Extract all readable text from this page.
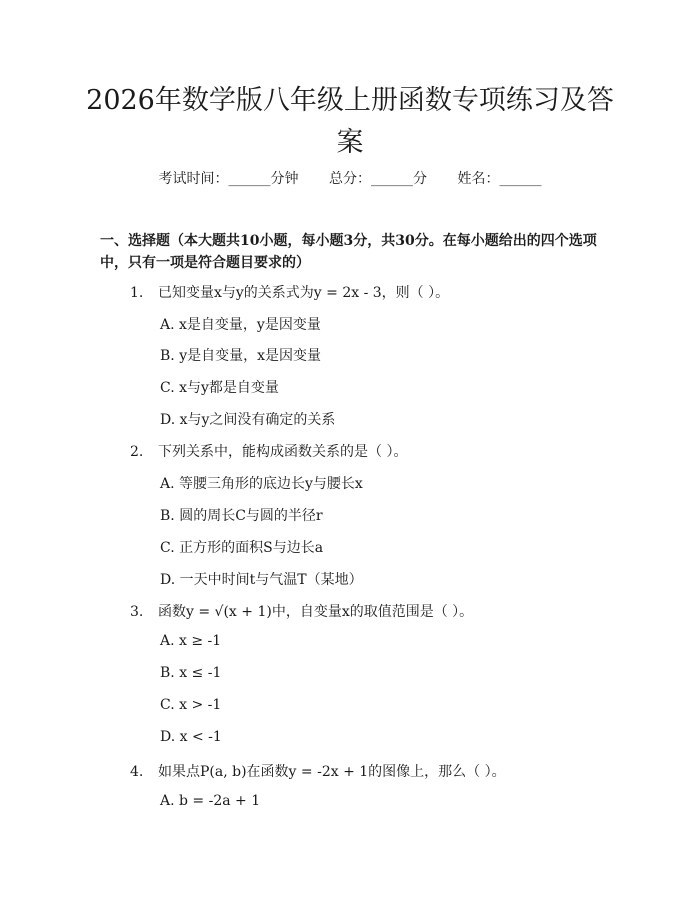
2026年数学版八年级上册函数专项练习及答案
考试时间：______分钟 总分：______分 姓名：______
一、选择题（本大题共10小题，每小题3分，共30分。在每小题给出的四个选项中，只有一项是符合题目要求的）
1. 已知变量x与y的关系式为y = 2x - 3，则（ ）。
A. x是自变量，y是因变量
B. y是自变量，x是因变量
C. x与y都是自变量
D. x与y之间没有确定的关系
2. 下列关系中，能构成函数关系的是（ ）。
A. 等腰三角形的底边长y与腰长x
B. 圆的周长C与圆的半径r
C. 正方形的面积S与边长a
D. 一天中时间t与气温T（某地）
3. 函数y = √(x + 1)中，自变量x的取值范围是（ ）。
A. x ≥ -1
B. x ≤ -1
C. x > -1
D. x < -1
4. 如果点P(a, b)在函数y = -2x + 1的图像上，那么（ ）。
A. b = -2a + 1
